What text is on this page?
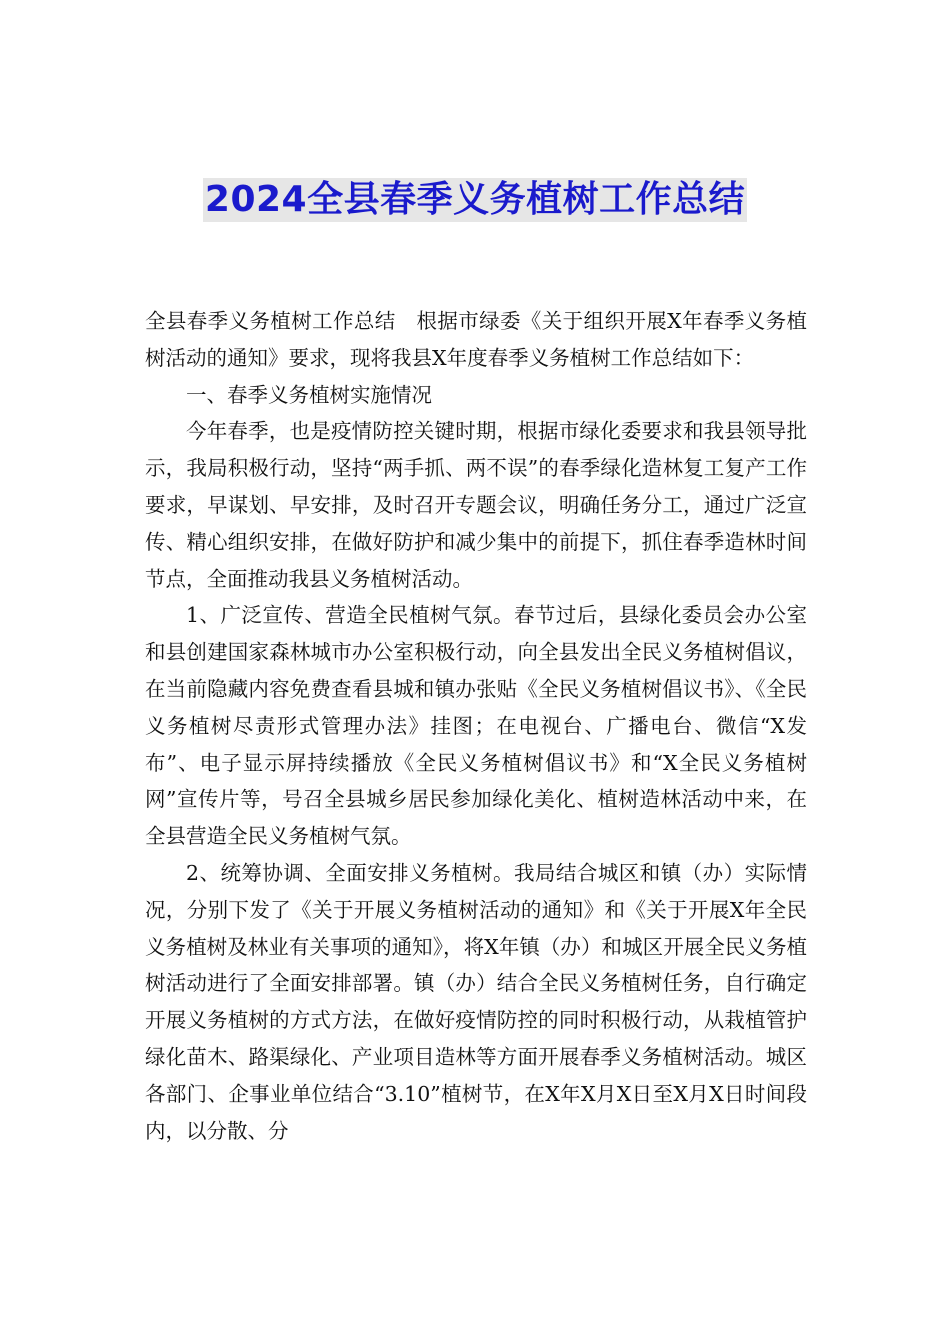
2024全县春季义务植树工作总结

全县春季义务植树工作总结　根据市绿委《关于组织开展X年春季义务植树活动的通知》要求，现将我县X年度春季义务植树工作总结如下：

一、春季义务植树实施情况

今年春季，也是疫情防控关键时期，根据市绿化委要求和我县领导批示，我局积极行动，坚持“两手抓、两不误”的春季绿化造林复工复产工作要求，早谋划、早安排，及时召开专题会议，明确任务分工，通过广泛宣传、精心组织安排，在做好防护和减少集中的前提下，抓住春季造林时间节点，全面推动我县义务植树活动。

1、广泛宣传、营造全民植树气氛。春节过后，县绿化委员会办公室和县创建国家森林城市办公室积极行动，向全县发出全民义务植树倡议，在当前隐藏内容免费查看县城和镇办张贴《全民义务植树倡议书》、《全民义务植树尽责形式管理办法》挂图；在电视台、广播电台、微信“X发布”、电子显示屏持续播放《全民义务植树倡议书》和“X全民义务植树网”宣传片等，号召全县城乡居民参加绿化美化、植树造林活动中来，在全县营造全民义务植树气氛。

2、统筹协调、全面安排义务植树。我局结合城区和镇（办）实际情况，分别下发了《关于开展义务植树活动的通知》和《关于开展X年全民义务植树及林业有关事项的通知》，将X年镇（办）和城区开展全民义务植树活动进行了全面安排部署。镇（办）结合全民义务植树任务，自行确定开展义务植树的方式方法，在做好疫情防控的同时积极行动，从栽植管护绿化苗木、路渠绿化、产业项目造林等方面开展春季义务植树活动。城区各部门、企事业单位结合“3.10”植树节，在X年X月X日至X月X日时间段内，以分散、分
